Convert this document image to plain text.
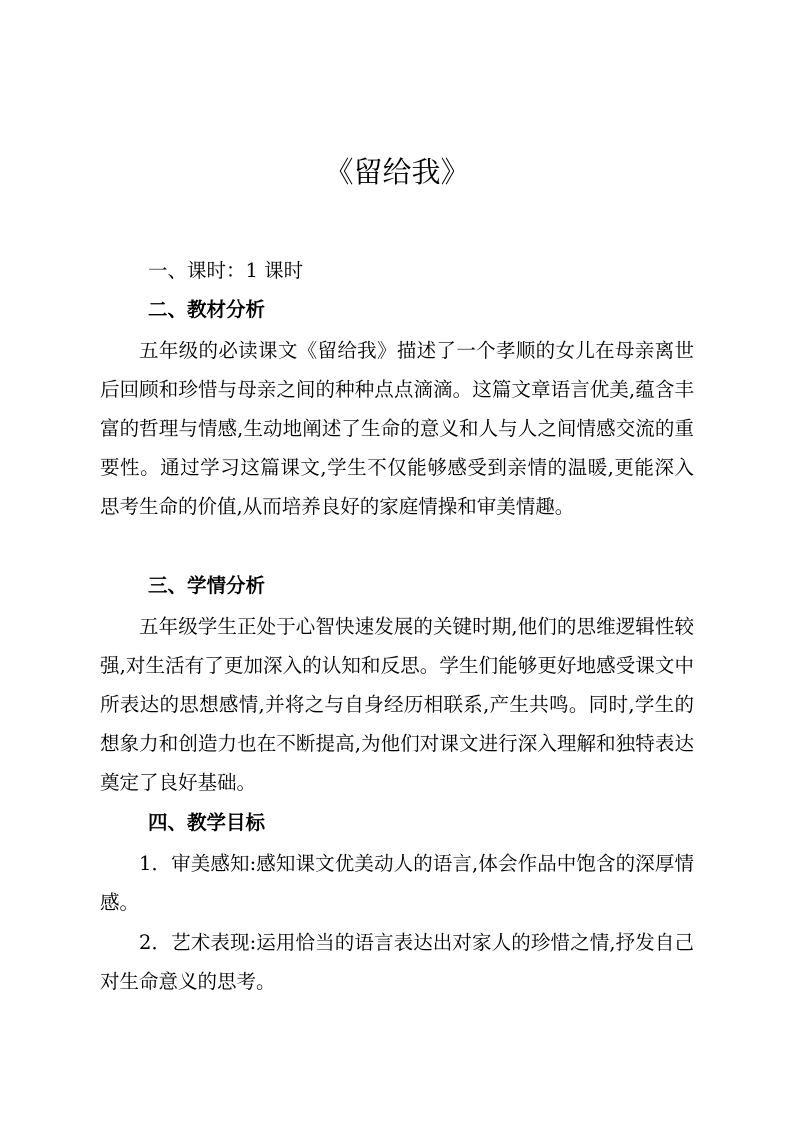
《留给我》

一、课时：1 课时

二、教材分析

五年级的必读课文《留给我》描述了一个孝顺的女儿在母亲离世后回顾和珍惜与母亲之间的种种点点滴滴。这篇文章语言优美,蕴含丰富的哲理与情感,生动地阐述了生命的意义和人与人之间情感交流的重要性。通过学习这篇课文,学生不仅能够感受到亲情的温暖,更能深入思考生命的价值,从而培养良好的家庭情操和审美情趣。

三、学情分析

五年级学生正处于心智快速发展的关键时期,他们的思维逻辑性较强,对生活有了更加深入的认知和反思。学生们能够更好地感受课文中所表达的思想感情,并将之与自身经历相联系,产生共鸣。同时,学生的想象力和创造力也在不断提高,为他们对课文进行深入理解和独特表达奠定了良好基础。

四、教学目标

1．审美感知:感知课文优美动人的语言,体会作品中饱含的深厚情感。

2．艺术表现:运用恰当的语言表达出对家人的珍惜之情,抒发自己对生命意义的思考。
